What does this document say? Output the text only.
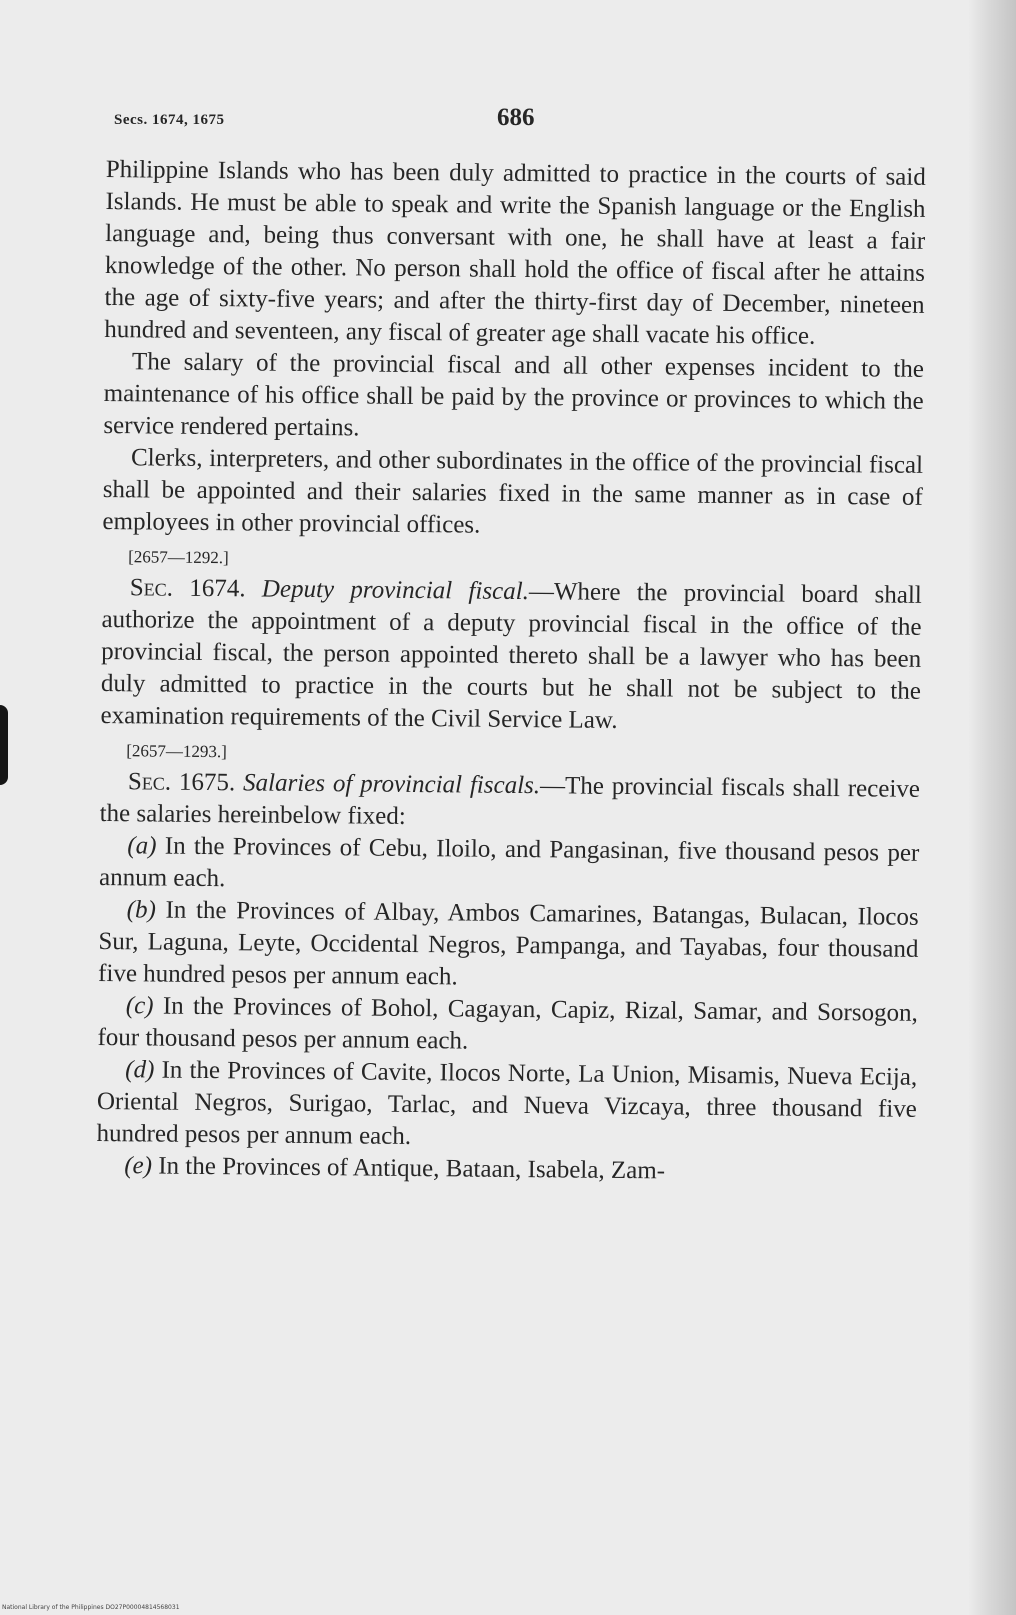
Secs. 1674, 1675	686

Philippine Islands who has been duly admitted to practice in the courts of said Islands. He must be able to speak and write the Spanish language or the English language and, being thus conversant with one, he shall have at least a fair knowledge of the other. No person shall hold the office of fiscal after he attains the age of sixty-five years; and after the thirty-first day of December, nineteen hundred and seventeen, any fiscal of greater age shall vacate his office.

The salary of the provincial fiscal and all other expenses incident to the maintenance of his office shall be paid by the province or provinces to which the service rendered pertains.

Clerks, interpreters, and other subordinates in the office of the provincial fiscal shall be appointed and their salaries fixed in the same manner as in case of employees in other provincial offices.

[2657—1292.]

Sec. 1674. Deputy provincial fiscal.—Where the provincial board shall authorize the appointment of a deputy provincial fiscal in the office of the provincial fiscal, the person appointed thereto shall be a lawyer who has been duly admitted to practice in the courts but he shall not be subject to the examination requirements of the Civil Service Law.

[2657—1293.]

Sec. 1675. Salaries of provincial fiscals.—The provincial fiscals shall receive the salaries hereinbelow fixed:

(a) In the Provinces of Cebu, Iloilo, and Pangasinan, five thousand pesos per annum each.

(b) In the Provinces of Albay, Ambos Camarines, Batangas, Bulacan, Ilocos Sur, Laguna, Leyte, Occidental Negros, Pampanga, and Tayabas, four thousand five hundred pesos per annum each.

(c) In the Provinces of Bohol, Cagayan, Capiz, Rizal, Samar, and Sorsogon, four thousand pesos per annum each.

(d) In the Provinces of Cavite, Ilocos Norte, La Union, Misamis, Nueva Ecija, Oriental Negros, Surigao, Tarlac, and Nueva Vizcaya, three thousand five hundred pesos per annum each.

(e) In the Provinces of Antique, Bataan, Isabela, Zam-

National Library of the Philippines DO27P00004814568031
